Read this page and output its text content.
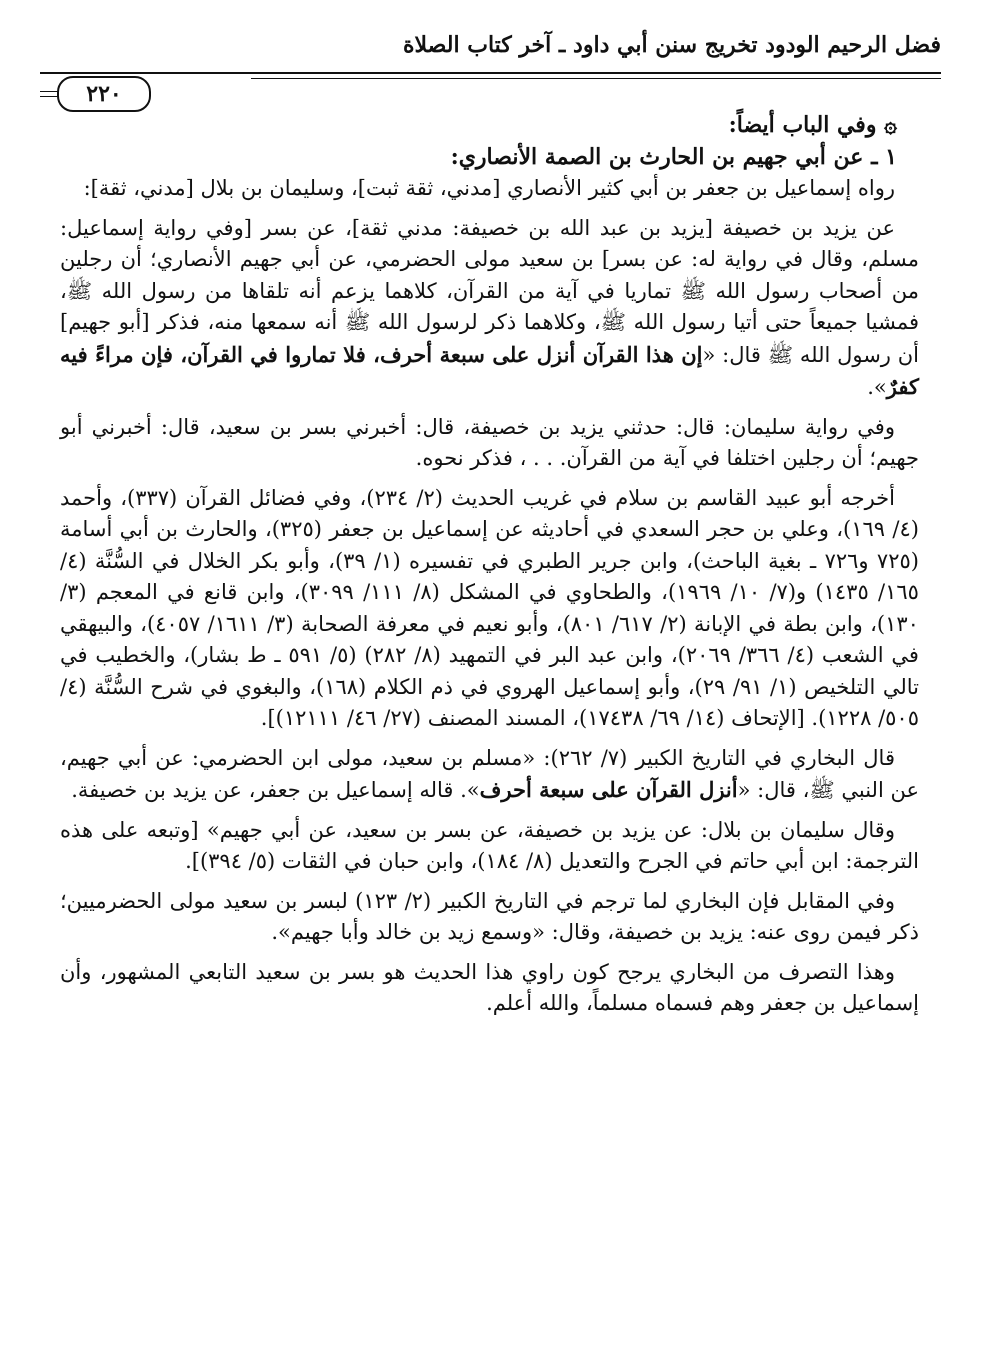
فضل الرحيم الودود تخريج سنن أبي داود ـ آخر كتاب الصلاة
٢٢٠

۞ وفي الباب أيضاً:

١ ـ عن أبي جهيم بن الحارث بن الصمة الأنصاري:

رواه إسماعيل بن جعفر بن أبي كثير الأنصاري [مدني، ثقة ثبت]، وسليمان بن بلال [مدني، ثقة]:

عن يزيد بن خصيفة [يزيد بن عبد الله بن خصيفة: مدني ثقة]، عن بسر [وفي رواية إسماعيل: مسلم، وقال في رواية له: عن بسر] بن سعيد مولى الحضرمي، عن أبي جهيم الأنصاري؛ أن رجلين من أصحاب رسول الله ﷺ تماريا في آية من القرآن، كلاهما يزعم أنه تلقاها من رسول الله ﷺ، فمشيا جميعاً حتى أتيا رسول الله ﷺ، وكلاهما ذكر لرسول الله ﷺ أنه سمعها منه، فذكر [أبو جهيم] أن رسول الله ﷺ قال: «إن هذا القرآن أنزل على سبعة أحرف، فلا تماروا في القرآن، فإن مراءً فيه كفرٌ».

وفي رواية سليمان: قال: حدثني يزيد بن خصيفة، قال: أخبرني بسر بن سعيد، قال: أخبرني أبو جهيم؛ أن رجلين اختلفا في آية من القرآن. . . ، فذكر نحوه.

أخرجه أبو عبيد القاسم بن سلام في غريب الحديث (٢/ ٢٣٤)، وفي فضائل القرآن (٣٣٧)، وأحمد (٤/ ١٦٩)، وعلي بن حجر السعدي في أحاديثه عن إسماعيل بن جعفر (٣٢٥)، والحارث بن أبي أسامة (٧٢٥ و٧٢٦ ـ بغية الباحث)، وابن جرير الطبري في تفسيره (١/ ٣٩)، وأبو بكر الخلال في السُّنَّة (٤/ ١٦٥/ ١٤٣٥) و(٧/ ١٠/ ١٩٦٩)، والطحاوي في المشكل (٨/ ١١١/ ٣٠٩٩)، وابن قانع في المعجم (٣/ ١٣٠)، وابن بطة في الإبانة (٢/ ٦١٧/ ٨٠١)، وأبو نعيم في معرفة الصحابة (٣/ ١٦١١/ ٤٠٥٧)، والبيهقي في الشعب (٤/ ٣٦٦/ ٢٠٦٩)، وابن عبد البر في التمهيد (٨/ ٢٨٢) (٥/ ٥٩١ ـ ط بشار)، والخطيب في تالي التلخيص (١/ ٩١/ ٢٩)، وأبو إسماعيل الهروي في ذم الكلام (١٦٨)، والبغوي في شرح السُّنَّة (٤/ ٥٠٥/ ١٢٢٨). [الإتحاف (١٤/ ٦٩/ ١٧٤٣٨)، المسند المصنف (٢٧/ ٤٦/ ١٢١١١)].

قال البخاري في التاريخ الكبير (٧/ ٢٦٢): «مسلم بن سعيد، مولى ابن الحضرمي: عن أبي جهيم، عن النبي ﷺ، قال: «أنزل القرآن على سبعة أحرف». قاله إسماعيل بن جعفر، عن يزيد بن خصيفة.

وقال سليمان بن بلال: عن يزيد بن خصيفة، عن بسر بن سعيد، عن أبي جهيم» [وتبعه على هذه الترجمة: ابن أبي حاتم في الجرح والتعديل (٨/ ١٨٤)، وابن حبان في الثقات (٥/ ٣٩٤)].

وفي المقابل فإن البخاري لما ترجم في التاريخ الكبير (٢/ ١٢٣) لبسر بن سعيد مولى الحضرميين؛ ذكر فيمن روى عنه: يزيد بن خصيفة، وقال: «وسمع زيد بن خالد وأبا جهيم».

وهذا التصرف من البخاري يرجح كون راوي هذا الحديث هو بسر بن سعيد التابعي المشهور، وأن إسماعيل بن جعفر وهم فسماه مسلماً، والله أعلم.
